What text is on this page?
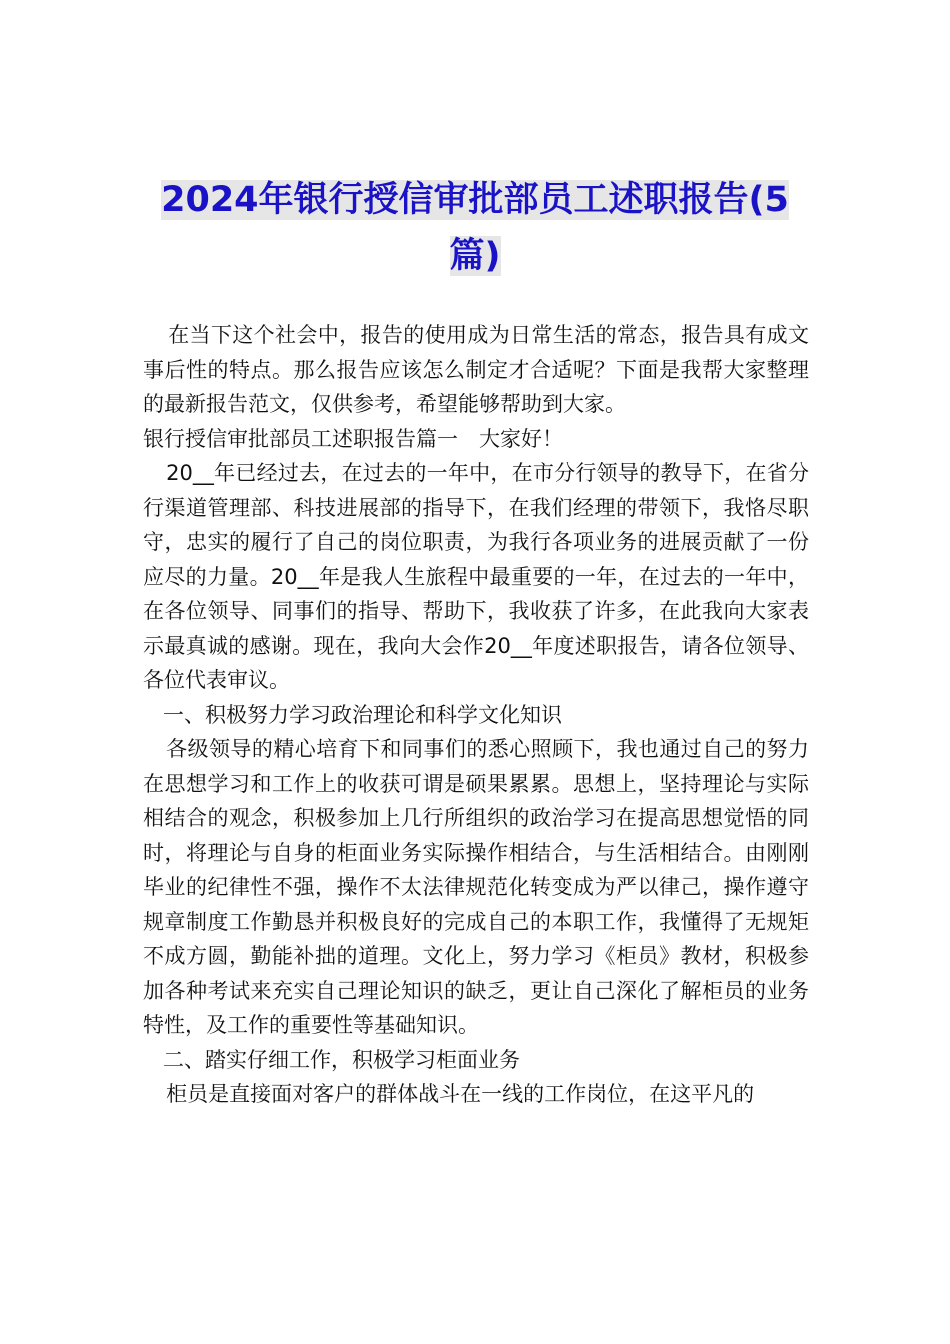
2024年银行授信审批部员工述职报告(5篇)

在当下这个社会中，报告的使用成为日常生活的常态，报告具有成文事后性的特点。那么报告应该怎么制定才合适呢？下面是我帮大家整理的最新报告范文，仅供参考，希望能够帮助到大家。

银行授信审批部员工述职报告篇一　大家好！

20__年已经过去，在过去的一年中，在市分行领导的教导下，在省分行渠道管理部、科技进展部的指导下，在我们经理的带领下，我恪尽职守，忠实的履行了自己的岗位职责，为我行各项业务的进展贡献了一份应尽的力量。20__年是我人生旅程中最重要的一年，在过去的一年中，在各位领导、同事们的指导、帮助下，我收获了许多，在此我向大家表示最真诚的感谢。现在，我向大会作20__年度述职报告，请各位领导、各位代表审议。

一、积极努力学习政治理论和科学文化知识

各级领导的精心培育下和同事们的悉心照顾下，我也通过自己的努力在思想学习和工作上的收获可谓是硕果累累。思想上，坚持理论与实际相结合的观念，积极参加上几行所组织的政治学习在提高思想觉悟的同时，将理论与自身的柜面业务实际操作相结合，与生活相结合。由刚刚毕业的纪律性不强，操作不太法律规范化转变成为严以律己，操作遵守规章制度工作勤恳并积极良好的完成自己的本职工作，我懂得了无规矩不成方圆，勤能补拙的道理。文化上，努力学习《柜员》教材，积极参加各种考试来充实自己理论知识的缺乏，更让自己深化了解柜员的业务特性，及工作的重要性等基础知识。

二、踏实仔细工作，积极学习柜面业务

柜员是直接面对客户的群体战斗在一线的工作岗位，在这平凡的
